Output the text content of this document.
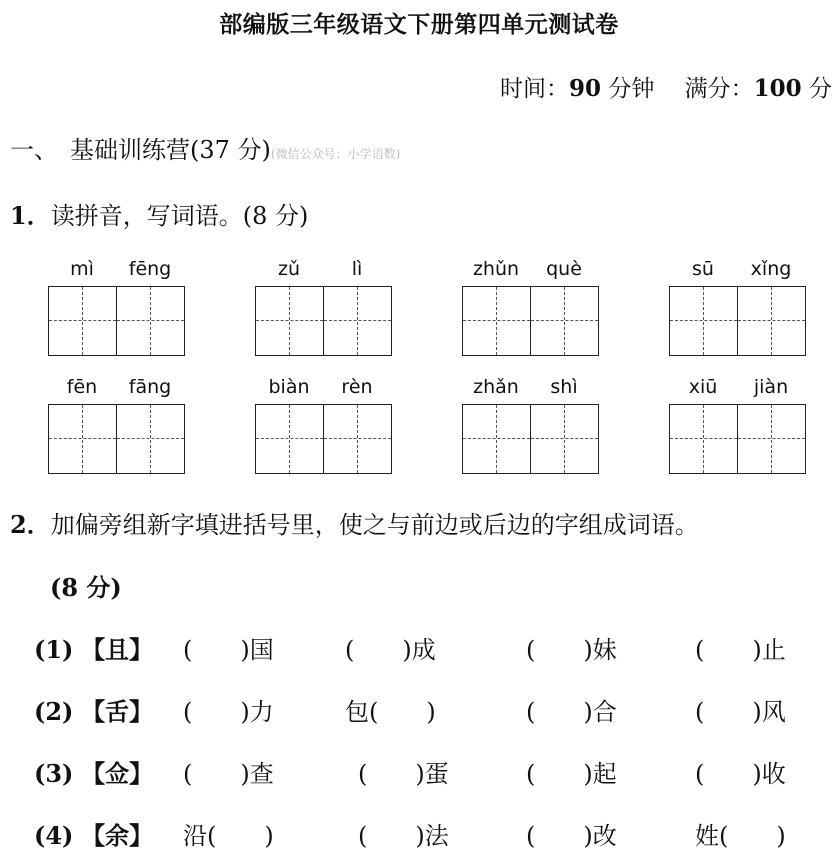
部编版三年级语文下册第四单元测试卷
时间：90 分钟　 满分：100 分
一、　 基础训练营(37 分)(微信公众号：小学语数)
1．读拼音，写词语。(8 分)
mì	fēng	zǔ	lì	zhǔn	què	sū	xǐng
fēn	fāng	biàn	rèn	zhǎn	shì	xiū	jiàn
2．加偏旁组新字填进括号里，使之与前边或后边的字组成词语。
(8 分)
(1) 【且】 (　　)国	(　　)成	(　　)妹	(　　)止
(2) 【舌】 (　　)力	包(　　)	(　　)合	(　　)风
(3) 【佥】 (　　)查	(　　)蛋	(　　)起	(　　)收
(4) 【余】 沿(　　)	(　　)法	(　　)改	姓(　　)
